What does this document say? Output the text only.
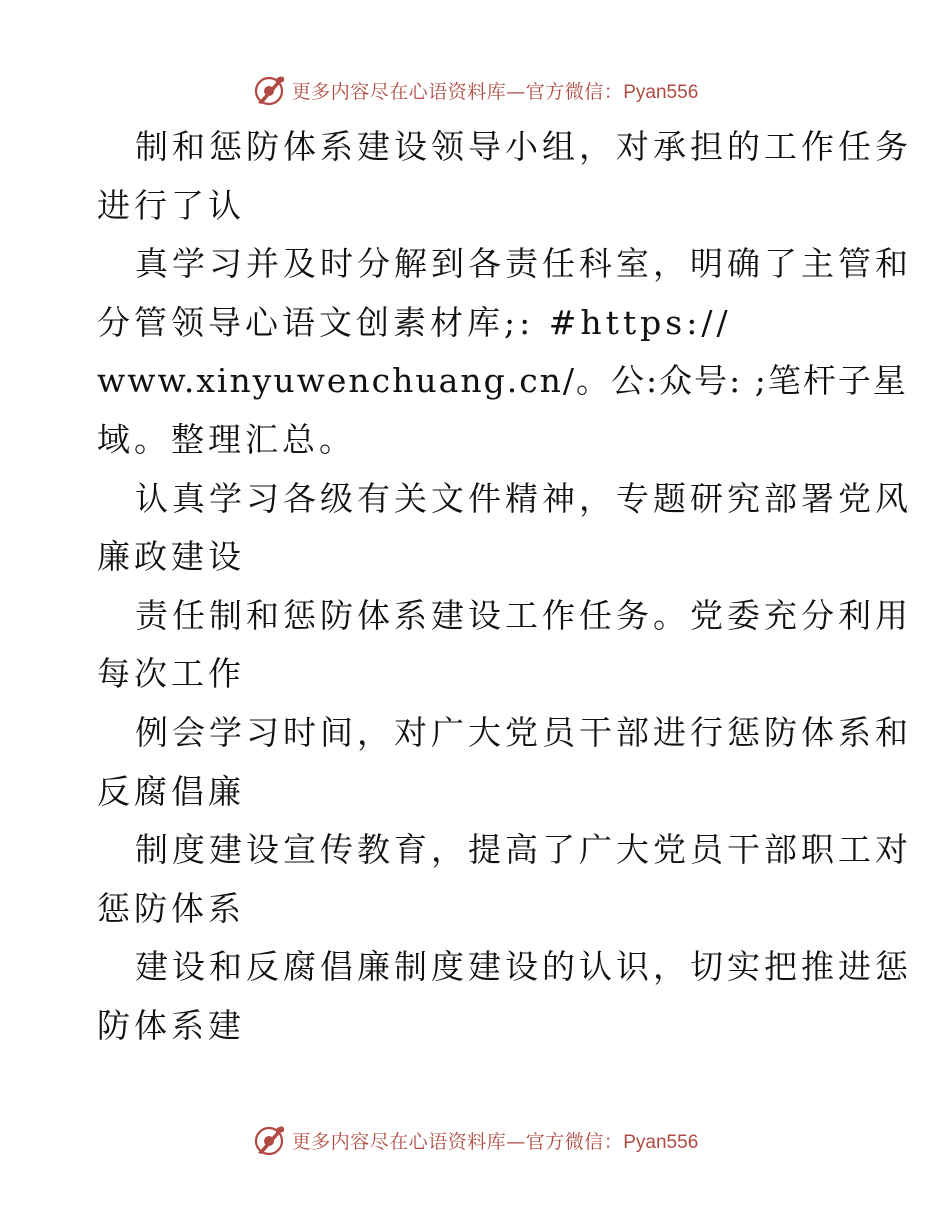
更多内容尽在心语资料库—官方微信：Pyan556
制和惩防体系建设领导小组，对承担的工作任务
进行了认
真学习并及时分解到各责任科室，明确了主管和
分管领导心语文创素材库;: #https://
www.xinyuwenchuang.cn/。公:众号: ;笔杆子星
域。整理汇总。
认真学习各级有关文件精神，专题研究部署党风
廉政建设
责任制和惩防体系建设工作任务。党委充分利用
每次工作
例会学习时间，对广大党员干部进行惩防体系和
反腐倡廉
制度建设宣传教育，提高了广大党员干部职工对
惩防体系
建设和反腐倡廉制度建设的认识，切实把推进惩
防体系建
更多内容尽在心语资料库—官方微信：Pyan556
